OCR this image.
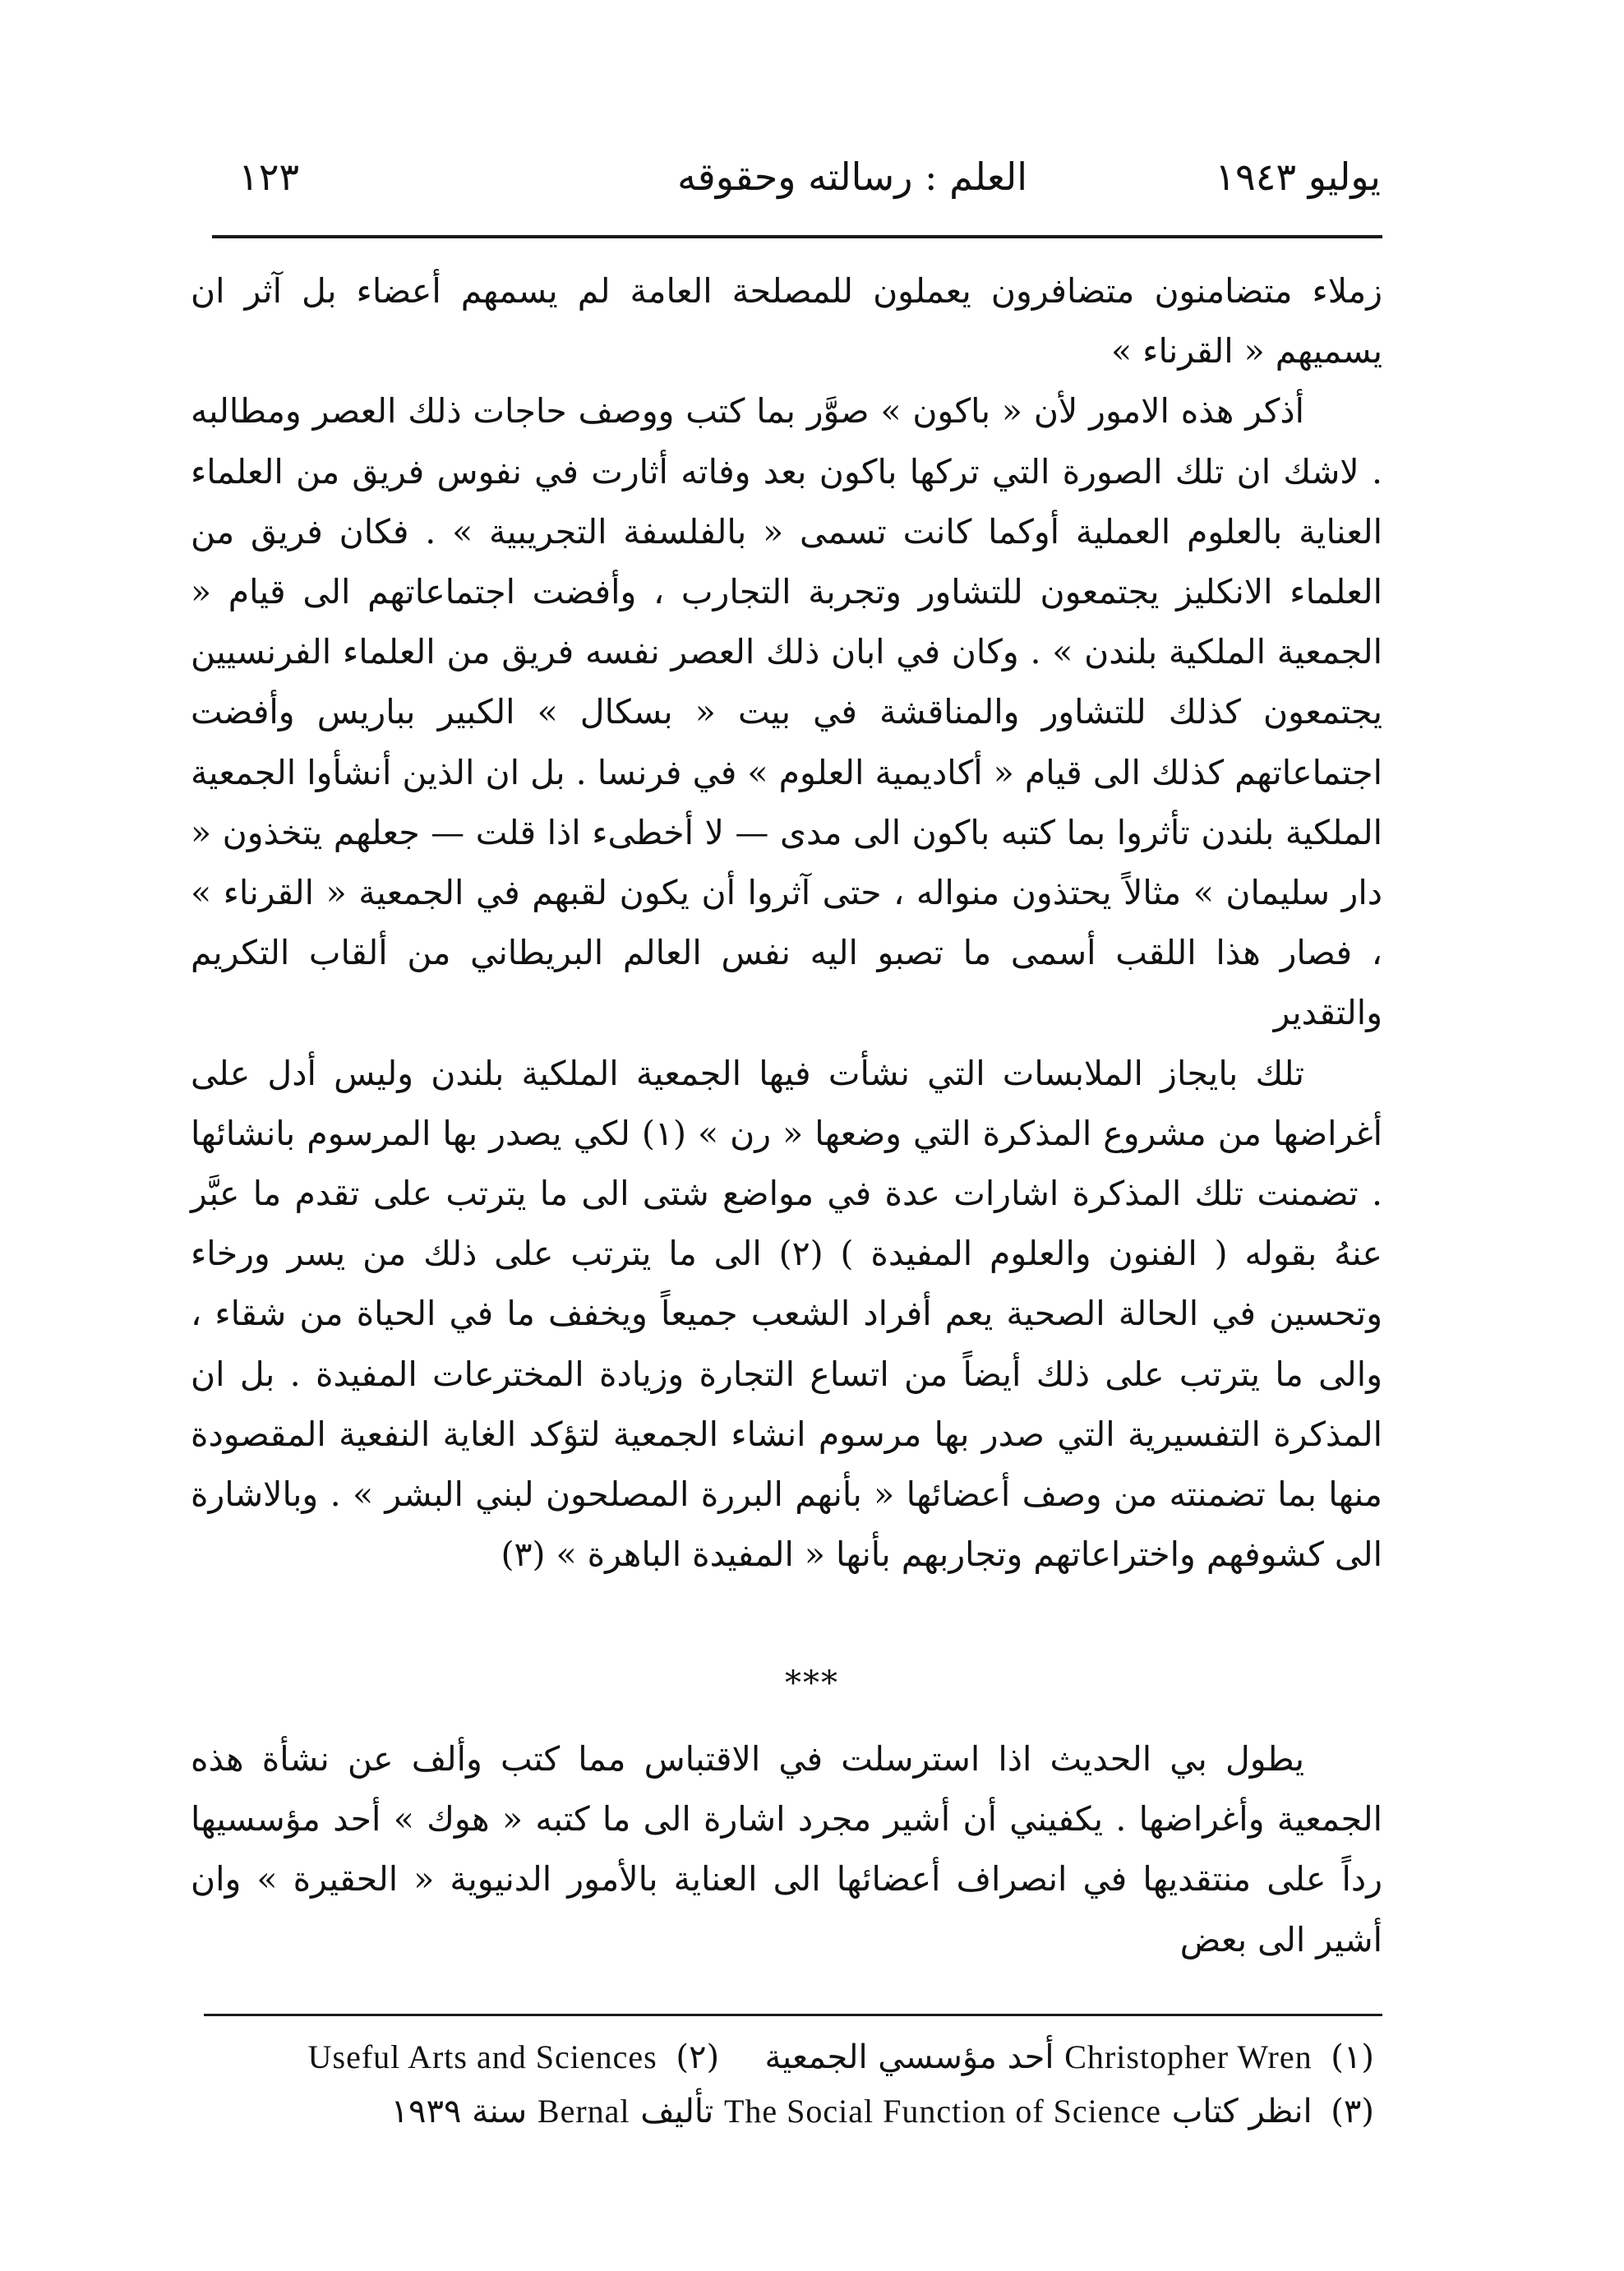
يوليو ١٩٤٣
العلم : رسالته وحقوقه
١٢٣

زملاء متضامنون متضافرون يعملون للمصلحة العامة لم يسمهم أعضاء بل آثر ان يسميهم « القرناء »

أذكر هذه الامور لأن « باكون » صوَّر بما كتب ووصف حاجات ذلك العصر ومطالبه . لاشك ان تلك الصورة التي تركها باكون بعد وفاته أثارت في نفوس فريق من العلماء العناية بالعلوم العملية أوكما كانت تسمى « بالفلسفة التجريبية » . فكان فريق من العلماء الانكليز يجتمعون للتشاور وتجربة التجارب ، وأفضت اجتماعاتهم الى قيام « الجمعية الملكية بلندن » . وكان في ابان ذلك العصر نفسه فريق من العلماء الفرنسيين يجتمعون كذلك للتشاور والمناقشة في بيت « بسكال » الكبير بباريس وأفضت اجتماعاتهم كذلك الى قيام « أكاديمية العلوم » في فرنسا . بل ان الذين أنشأوا الجمعية الملكية بلندن تأثروا بما كتبه باكون الى مدى — لا أخطىء اذا قلت — جعلهم يتخذون « دار سليمان » مثالاً يحتذون منواله ، حتى آثروا أن يكون لقبهم في الجمعية « القرناء » ، فصار هذا اللقب أسمى ما تصبو اليه نفس العالم البريطاني من ألقاب التكريم والتقدير

تلك بايجاز الملابسات التي نشأت فيها الجمعية الملكية بلندن وليس أدل على أغراضها من مشروع المذكرة التي وضعها « رن » (١) لكي يصدر بها المرسوم بانشائها . تضمنت تلك المذكرة اشارات عدة في مواضع شتى الى ما يترتب على تقدم ما عبَّر عنهُ بقوله ( الفنون والعلوم المفيدة ) (٢) الى ما يترتب على ذلك من يسر ورخاء وتحسين في الحالة الصحية يعم أفراد الشعب جميعاً ويخفف ما في الحياة من شقاء ، والى ما يترتب على ذلك أيضاً من اتساع التجارة وزيادة المخترعات المفيدة . بل ان المذكرة التفسيرية التي صدر بها مرسوم انشاء الجمعية لتؤكد الغاية النفعية المقصودة منها بما تضمنته من وصف أعضائها « بأنهم البررة المصلحون لبني البشر » . وبالاشارة الى كشوفهم واختراعاتهم وتجاربهم بأنها « المفيدة الباهرة » (٣)

***

يطول بي الحديث اذا استرسلت في الاقتباس مما كتب وألف عن نشأة هذه الجمعية وأغراضها . يكفيني أن أشير مجرد اشارة الى ما كتبه « هوك » أحد مؤسسيها رداً على منتقديها في انصراف أعضائها الى العناية بالأمور الدنيوية « الحقيرة » وان أشير الى بعض

(١) Christopher Wren أحد مؤسسي الجمعية  (٢) Useful Arts and Sciences
(٣) انظر كتاب The Social Function of Science تأليف Bernal سنة ١٩٣٩
